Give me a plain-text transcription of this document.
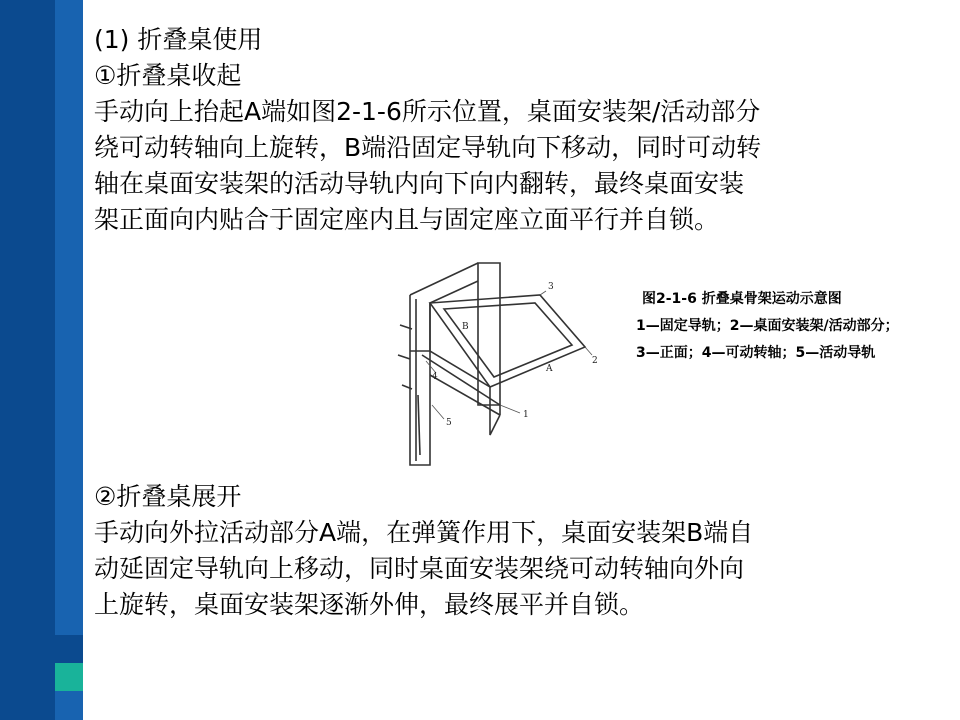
(1) 折叠桌使用
①折叠桌收起
手动向上抬起A端如图2-1-6所示位置，桌面安装架/活动部分
绕可动转轴向上旋转，B端沿固定导轨向下移动，同时可动转
轴在桌面安装架的活动导轨内向下向内翻转，最终桌面安装
架正面向内贴合于固定座内且与固定座立面平行并自锁。
3
2
1
4
5
A
B
图2-1-6 折叠桌骨架运动示意图
1—固定导轨；2—桌面安装架/活动部分；
3—正面；4—可动转轴；5—活动导轨
②折叠桌展开
手动向外拉活动部分A端，在弹簧作用下，桌面安装架B端自
动延固定导轨向上移动，同时桌面安装架绕可动转轴向外向
上旋转，桌面安装架逐渐外伸，最终展平并自锁。
